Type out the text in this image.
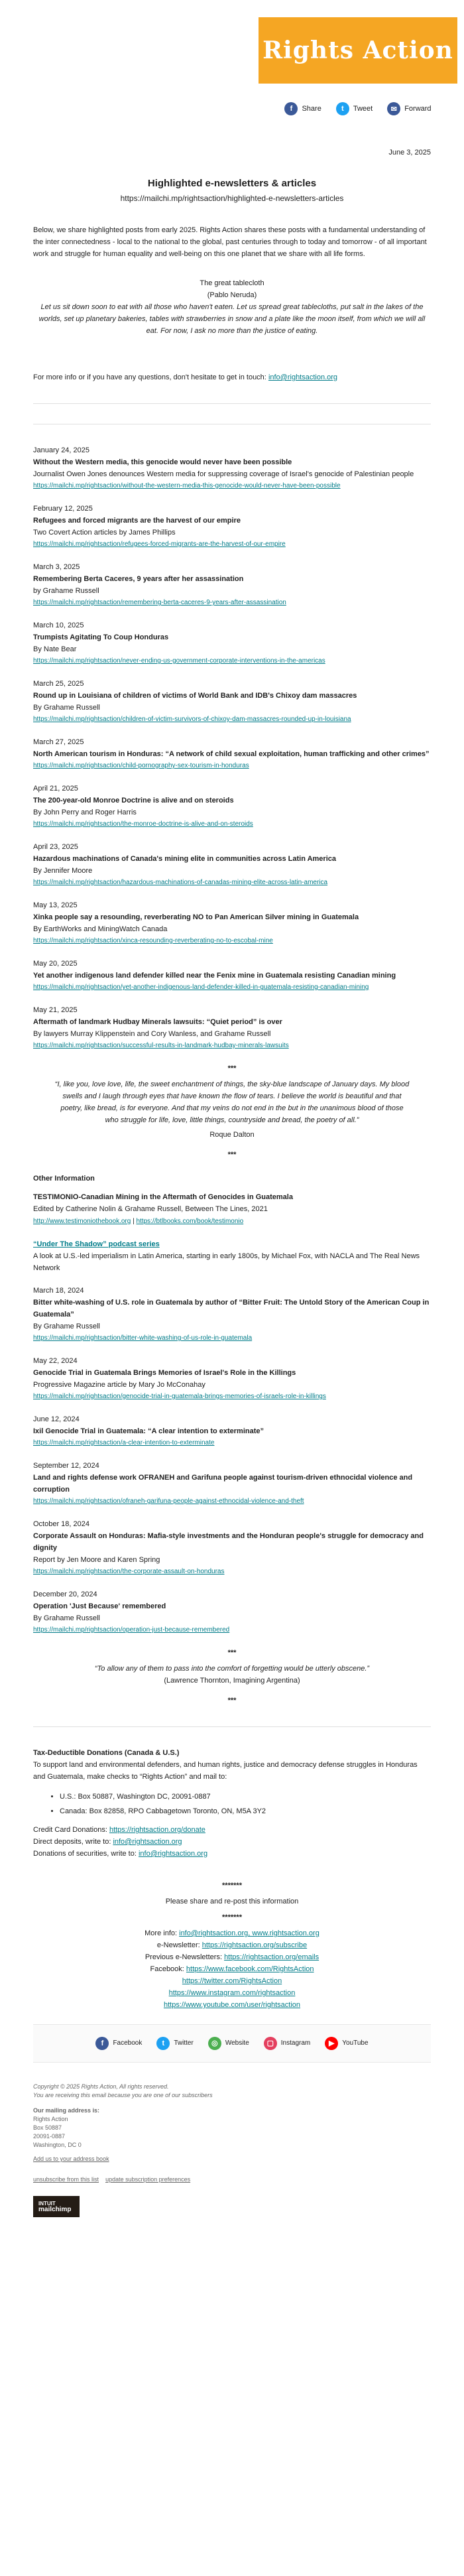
Rights Action
f	Share	t	Tweet	✉	Forward
June 3, 2025
Highlighted e-newsletters & articles
https://mailchi.mp/rightsaction/highlighted-e-newsletters-articles

Below, we share highlighted posts from early 2025. Rights Action shares these posts with a fundamental understanding of the inter connectedness - local to the national to the global, past centuries through to today and tomorrow - of all important work and struggle for human equality and well-being on this one planet that we share with all life forms.

The great tablecloth

(Pablo Neruda)

Let us sit down soon to eat with all those who haven't eaten. Let us spread great tablecloths, put salt in the lakes of the worlds, set up planetary bakeries, tables with strawberries in snow and a plate like the moon itself, from which we will all eat. For now, I ask no more than the justice of eating.

For more info or if you have any questions, don't hesitate to get in touch: info@rightsaction.org

January 24, 2025
Without the Western media, this genocide would never have been possible
Journalist Owen Jones denounces Western media for suppressing coverage of Israel's genocide of Palestinian people
https://mailchi.mp/rightsaction/without-the-western-media-this-genocide-would-never-have-been-possible
February 12, 2025
Refugees and forced migrants are the harvest of our empire
Two Covert Action articles by James Phillips
https://mailchi.mp/rightsaction/refugees-forced-migrants-are-the-harvest-of-our-empire
March 3, 2025
Remembering Berta Caceres, 9 years after her assassination
by Grahame Russell
https://mailchi.mp/rightsaction/remembering-berta-caceres-9-years-after-assassination
March 10, 2025
Trumpists Agitating To Coup Honduras
By Nate Bear
https://mailchi.mp/rightsaction/never-ending-us-government-corporate-interventions-in-the-americas
March 25, 2025
Round up in Louisiana of children of victims of World Bank and IDB's Chixoy dam massacres
By Grahame Russell
https://mailchi.mp/rightsaction/children-of-victim-survivors-of-chixoy-dam-massacres-rounded-up-in-louisiana
March 27, 2025
North American tourism in Honduras: “A network of child sexual exploitation, human trafficking and other crimes”
https://mailchi.mp/rightsaction/child-pornography-sex-tourism-in-honduras
April 21, 2025
The 200-year-old Monroe Doctrine is alive and on steroids
By John Perry and Roger Harris
https://mailchi.mp/rightsaction/the-monroe-doctrine-is-alive-and-on-steroids
April 23, 2025
Hazardous machinations of Canada's mining elite in communities across Latin America
By Jennifer Moore
https://mailchi.mp/rightsaction/hazardous-machinations-of-canadas-mining-elite-across-latin-america
May 13, 2025
Xinka people say a resounding, reverberating NO to Pan American Silver mining in Guatemala
By EarthWorks and MiningWatch Canada
https://mailchi.mp/rightsaction/xinca-resounding-reverberating-no-to-escobal-mine
May 20, 2025
Yet another indigenous land defender killed near the Fenix mine in Guatemala resisting Canadian mining
https://mailchi.mp/rightsaction/yet-another-indigenous-land-defender-killed-in-guatemala-resisting-canadian-mining
May 21, 2025
Aftermath of landmark Hudbay Minerals lawsuits: “Quiet period” is over
By lawyers Murray Klippenstein and Cory Wanless, and Grahame Russell
https://mailchi.mp/rightsaction/successful-results-in-landmark-hudbay-minerals-lawsuits
***

“I, like you, love love, life, the sweet enchantment of things, the sky-blue landscape of January days. My blood swells and I laugh through eyes that have known the flow of tears. I believe the world is beautiful and that poetry, like bread, is for everyone. And that my veins do not end in the but in the unanimous blood of those who struggle for life, love, little things, countryside and bread, the poetry of all.”

Roque Dalton

***
Other Information
TESTIMONIO-Canadian Mining in the Aftermath of Genocides in Guatemala
Edited by Catherine Nolin & Grahame Russell, Between The Lines, 2021
http://www.testimoniothebook.org | https://btlbooks.com/book/testimonio
“Under The Shadow” podcast series
A look at U.S.-led imperialism in Latin America, starting in early 1800s, by Michael Fox, with NACLA and The Real News Network
March 18, 2024
Bitter white-washing of U.S. role in Guatemala by author of “Bitter Fruit: The Untold Story of the American Coup in Guatemala”
By Grahame Russell
https://mailchi.mp/rightsaction/bitter-white-washing-of-us-role-in-guatemala
May 22, 2024
Genocide Trial in Guatemala Brings Memories of Israel's Role in the Killings
Progressive Magazine article by Mary Jo McConahay
https://mailchi.mp/rightsaction/genocide-trial-in-guatemala-brings-memories-of-israels-role-in-killings
June 12, 2024
Ixil Genocide Trial in Guatemala: “A clear intention to exterminate”
https://mailchi.mp/rightsaction/a-clear-intention-to-exterminate
September 12, 2024
Land and rights defense work OFRANEH and Garifuna people against tourism-driven ethnocidal violence and corruption
https://mailchi.mp/rightsaction/ofraneh-garifuna-people-against-ethnocidal-violence-and-theft
October 18, 2024
Corporate Assault on Honduras: Mafia-style investments and the Honduran people's struggle for democracy and dignity
Report by Jen Moore and Karen Spring
https://mailchi.mp/rightsaction/the-corporate-assault-on-honduras
December 20, 2024
Operation 'Just Because' remembered
By Grahame Russell
https://mailchi.mp/rightsaction/operation-just-because-remembered
***

“To allow any of them to pass into the comfort of forgetting would be utterly obscene.”

(Lawrence Thornton, Imagining Argentina)

***
Tax-Deductible Donations (Canada & U.S.)

To support land and environmental defenders, and human rights, justice and democracy defense struggles in Honduras and Guatemala, make checks to “Rights Action” and mail to:

• U.S.: Box 50887, Washington DC, 20091-0887
• Canada: Box 82858, RPO Cabbagetown Toronto, ON, M5A 3Y2
Credit Card Donations: https://rightsaction.org/donate
Direct deposits, write to: info@rightsaction.org
Donations of securities, write to: info@rightsaction.org
*******
Please share and re-post this information
*******
More info: info@rightsaction.org, www.rightsaction.org
e-Newsletter: https://rightsaction.org/subscribe
Previous e-Newsletters: https://rightsaction.org/emails
Facebook: https://www.facebook.com/RightsAction
https://twitter.com/RightsAction
https://www.instagram.com/rightsaction
https://www.youtube.com/user/rightsaction
f	Facebook	t	Twitter	◎	Website	▢	Instagram	▶	YouTube
Copyright © 2025 Rights Action, All rights reserved.
You are receiving this email because you are one of our subscribers
Our mailing address is:
Rights Action
Box 50887
20091-0887
Washington, DC 0
Add us to your address book
unsubscribe from this list update subscription preferences
INTUIT
mailchimp
